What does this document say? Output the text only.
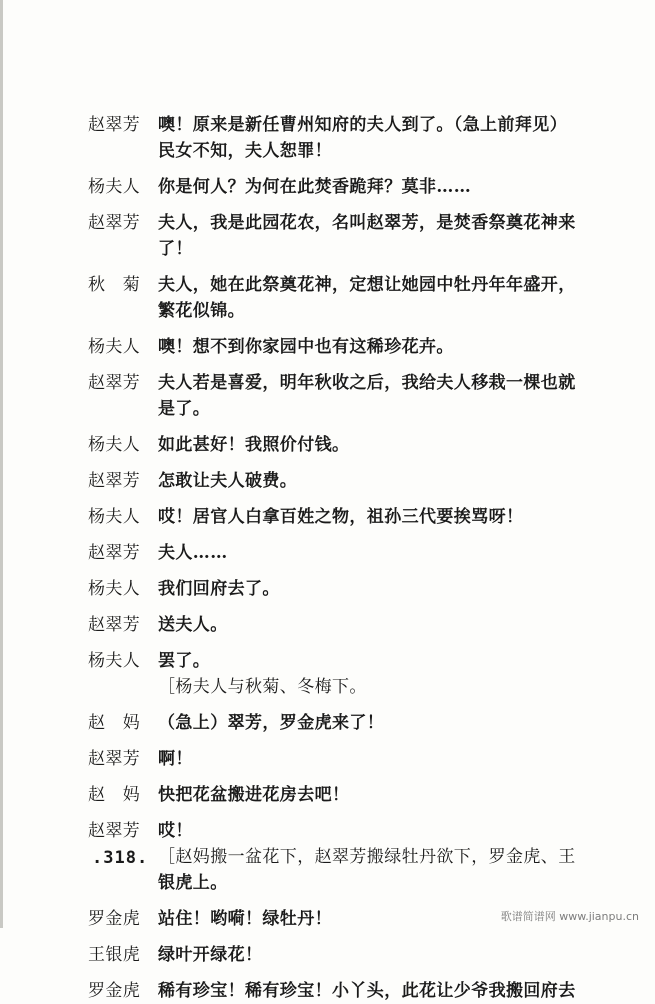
赵翠芳	噢！原来是新任曹州知府的夫人到了。（急上前拜见）
民女不知，夫人恕罪！
杨夫人	你是何人？为何在此焚香跪拜？莫非……
赵翠芳	夫人，我是此园花农，名叫赵翠芳，是焚香祭奠花神来
了！
秋　菊	夫人，她在此祭奠花神，定想让她园中牡丹年年盛开，
繁花似锦。
杨夫人	噢！想不到你家园中也有这稀珍花卉。
赵翠芳	夫人若是喜爱，明年秋收之后，我给夫人移栽一棵也就
是了。
杨夫人	如此甚好！我照价付钱。
赵翠芳	怎敢让夫人破费。
杨夫人	哎！居官人白拿百姓之物，祖孙三代要挨骂呀！
赵翠芳	夫人……
杨夫人	我们回府去了。
赵翠芳	送夫人。
杨夫人	罢了。
［杨夫人与秋菊、冬梅下。
赵　妈	（急上）翠芳，罗金虎来了！
赵翠芳	啊！
赵　妈	快把花盆搬进花房去吧！
赵翠芳	哎！
［赵妈搬一盆花下，赵翠芳搬绿牡丹欲下，罗金虎、王
银虎上。
罗金虎	站住！哟嗬！绿牡丹！
王银虎	绿叶开绿花！
罗金虎	稀有珍宝！稀有珍宝！小丫头，此花让少爷我搬回府去
.318.
歌谱简谱网 www.jianpu.cn
